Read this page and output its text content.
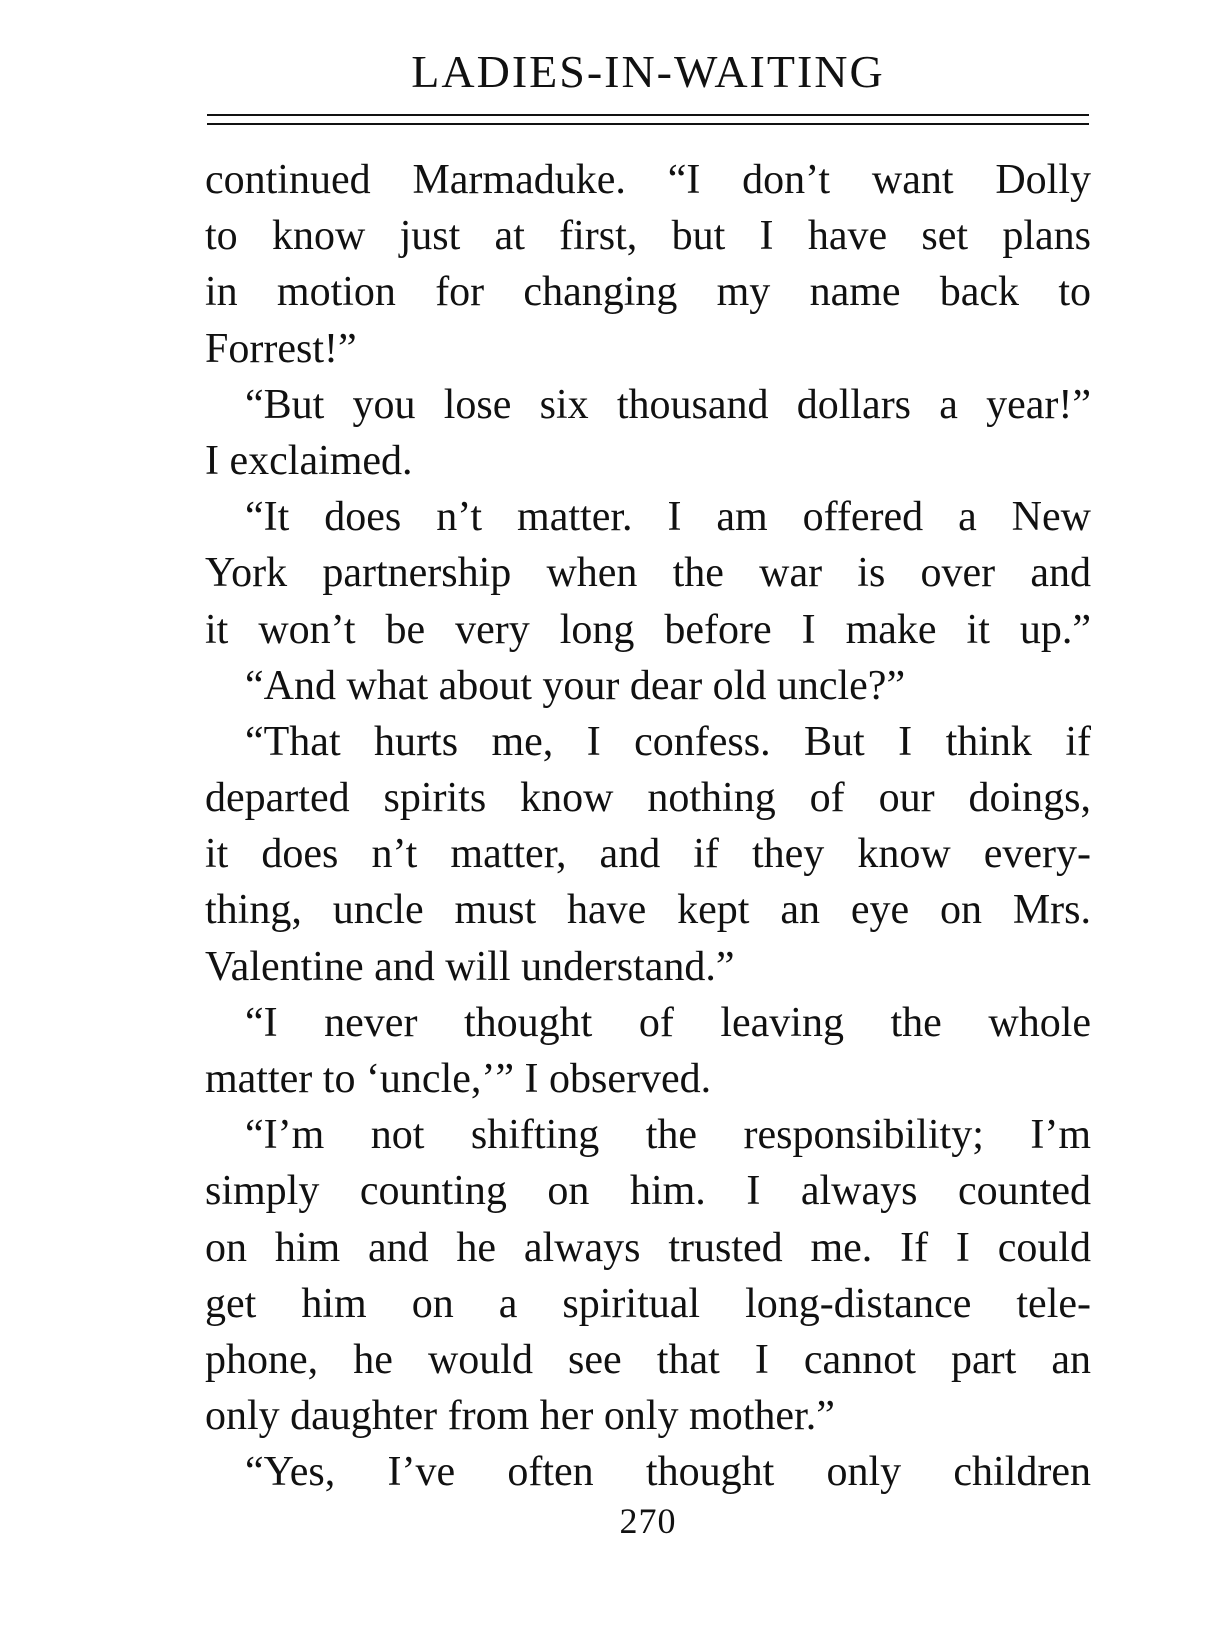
LADIES-IN-WAITING
continued Marmaduke. “I don’t want Dolly
to know just at first, but I have set plans
in motion for changing my name back to
Forrest!”
“But you lose six thousand dollars a year!”
I exclaimed.
“It does n’t matter. I am offered a New
York partnership when the war is over and
it won’t be very long before I make it up.”
“And what about your dear old uncle?”
“That hurts me, I confess. But I think if
departed spirits know nothing of our doings,
it does n’t matter, and if they know every-
thing, uncle must have kept an eye on Mrs.
Valentine and will understand.”
“I never thought of leaving the whole
matter to ‘uncle,’” I observed.
“I’m not shifting the responsibility; I’m
simply counting on him. I always counted
on him and he always trusted me. If I could
get him on a spiritual long-distance tele-
phone, he would see that I cannot part an
only daughter from her only mother.”
“Yes, I’ve often thought only children
270
